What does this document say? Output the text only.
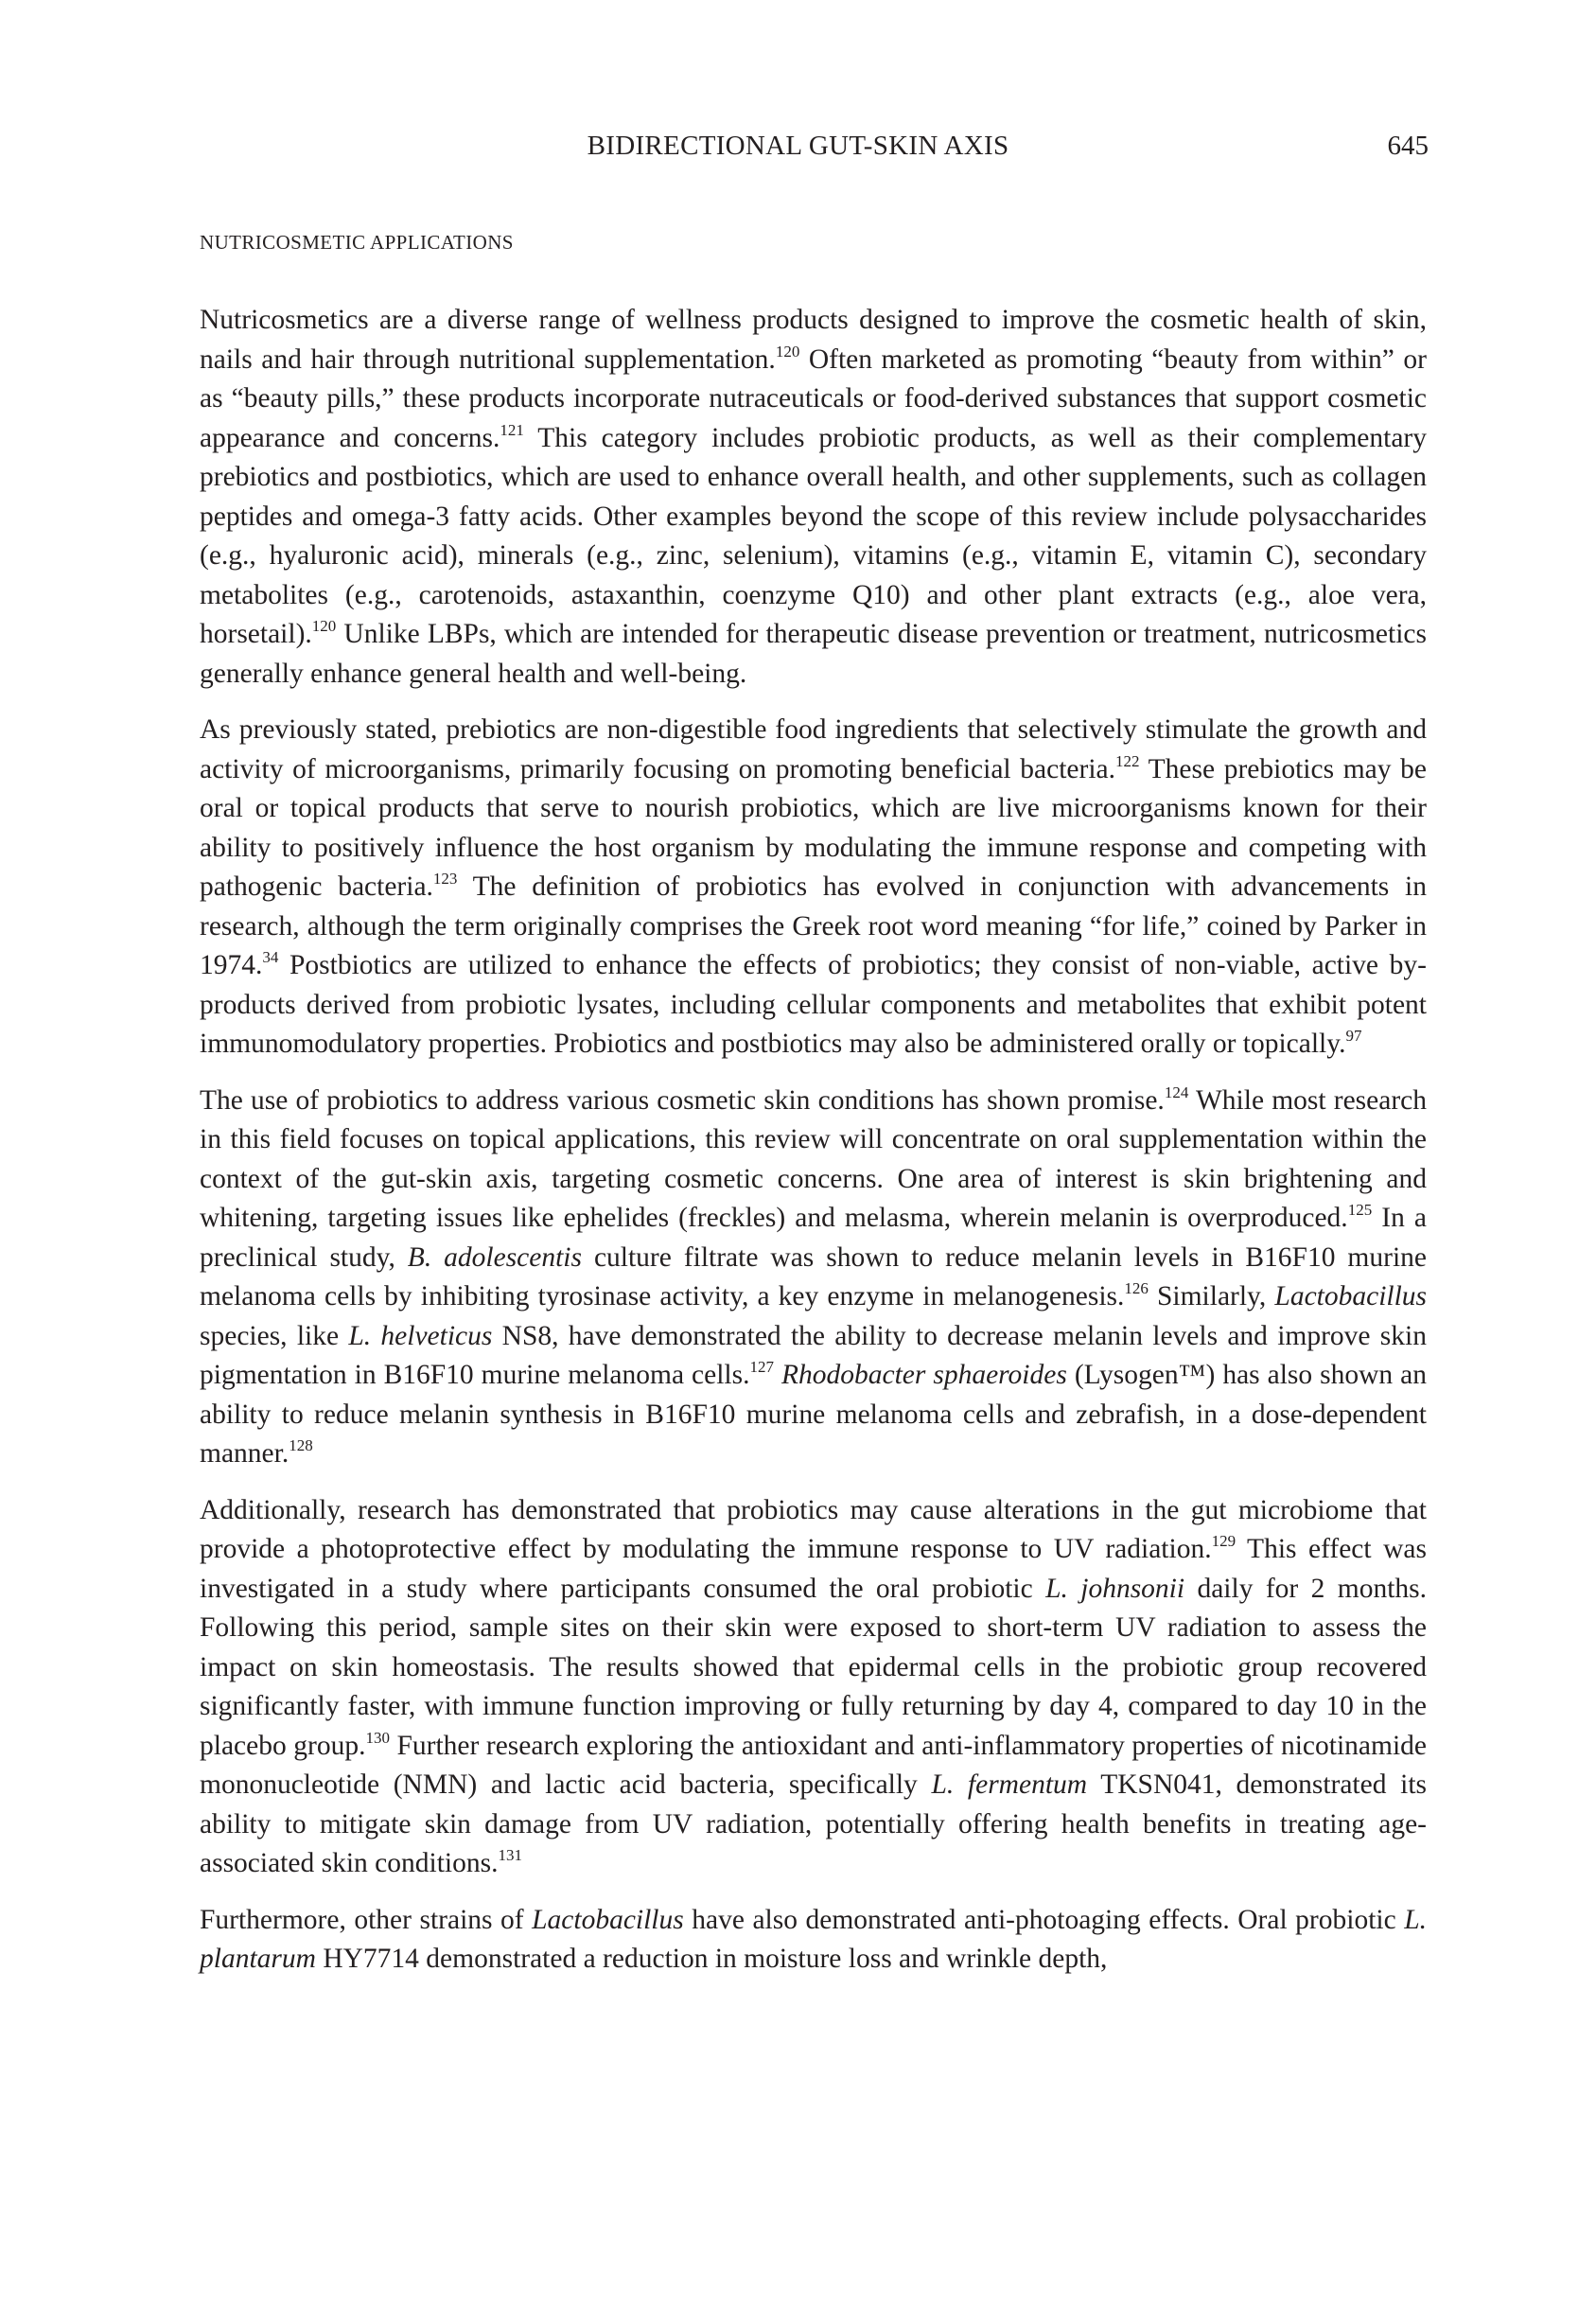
BIDIRECTIONAL GUT-SKIN AXIS	645
NUTRICOSMETIC APPLICATIONS

Nutricosmetics are a diverse range of wellness products designed to improve the cosmetic health of skin, nails and hair through nutritional supplementation.$^{120}$ Often marketed as promoting “beauty from within” or as “beauty pills,” these products incorporate nutraceuticals or food-derived substances that support cosmetic appearance and concerns.$^{121}$ This category includes probiotic products, as well as their complementary prebiotics and postbiotics, which are used to enhance overall health, and other supplements, such as collagen peptides and omega-3 fatty acids. Other examples beyond the scope of this review include polysaccharides (e.g., hyaluronic acid), minerals (e.g., zinc, selenium), vitamins (e.g., vitamin E, vitamin C), secondary metabolites (e.g., carotenoids, astaxanthin, coenzyme Q10) and other plant extracts (e.g., aloe vera, horsetail).$^{120}$ Unlike LBPs, which are intended for therapeutic disease prevention or treatment, nutricosmetics generally enhance general health and well-being.

As previously stated, prebiotics are non-digestible food ingredients that selectively stimulate the growth and activity of microorganisms, primarily focusing on promoting beneficial bacteria.$^{122}$ These prebiotics may be oral or topical products that serve to nourish probiotics, which are live microorganisms known for their ability to positively influence the host organism by modulating the immune response and competing with pathogenic bacteria.$^{123}$ The definition of probiotics has evolved in conjunction with advancements in research, although the term originally comprises the Greek root word meaning “for life,” coined by Parker in 1974.34 Postbiotics are utilized to enhance the effects of probiotics; they consist of non-viable, active by-products derived from probiotic lysates, including cellular components and metabolites that exhibit potent immunomodulatory properties. Probiotics and postbiotics may also be administered orally or topically.$^{97}$

The use of probiotics to address various cosmetic skin conditions has shown promise.$^{124}$ While most research in this field focuses on topical applications, this review will concentrate on oral supplementation within the context of the gut-skin axis, targeting cosmetic concerns. One area of interest is skin brightening and whitening, targeting issues like ephelides (freckles) and melasma, wherein melanin is overproduced.$^{125}$ In a preclinical study, B. adolescentis culture filtrate was shown to reduce melanin levels in B16F10 murine melanoma cells by inhibiting tyrosinase activity, a key enzyme in melanogenesis.$^{126}$ Similarly, Lactobacillus species, like L. helveticus NS8, have demonstrated the ability to decrease melanin levels and improve skin pigmentation in B16F10 murine melanoma cells.$^{127}$ Rhodobacter sphaeroides (Lysogen™) has also shown an ability to reduce melanin synthesis in B16F10 murine melanoma cells and zebrafish, in a dose-dependent manner.$^{128}$

Additionally, research has demonstrated that probiotics may cause alterations in the gut microbiome that provide a photoprotective effect by modulating the immune response to UV radiation.$^{129}$ This effect was investigated in a study where participants consumed the oral probiotic L. johnsonii daily for 2 months. Following this period, sample sites on their skin were exposed to short-term UV radiation to assess the impact on skin homeostasis. The results showed that epidermal cells in the probiotic group recovered significantly faster, with immune function improving or fully returning by day 4, compared to day 10 in the placebo group.$^{130}$ Further research exploring the antioxidant and anti-inflammatory properties of nicotinamide mononucleotide (NMN) and lactic acid bacteria, specifically L. fermentum TKSN041, demonstrated its ability to mitigate skin damage from UV radiation, potentially offering health benefits in treating age-associated skin conditions.$^{131}$

Furthermore, other strains of Lactobacillus have also demonstrated anti-photoaging effects. Oral probiotic L. plantarum HY7714 demonstrated a reduction in moisture loss and wrinkle depth,
